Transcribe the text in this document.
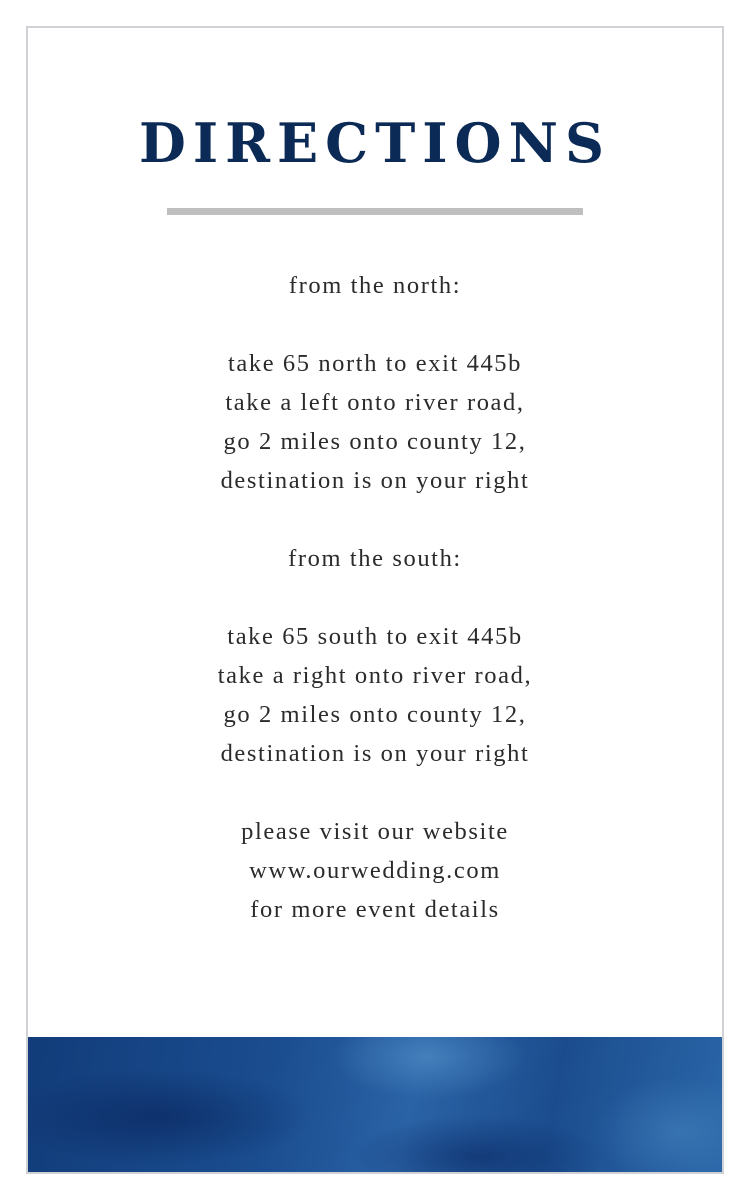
DIRECTIONS
from the north:
take 65 north to exit 445b
take a left onto river road,
go 2 miles onto county 12,
destination is on your right
from the south:
take 65 south to exit 445b
take a right onto river road,
go 2 miles onto county 12,
destination is on your right
please visit our website
www.ourwedding.com
for more event details
